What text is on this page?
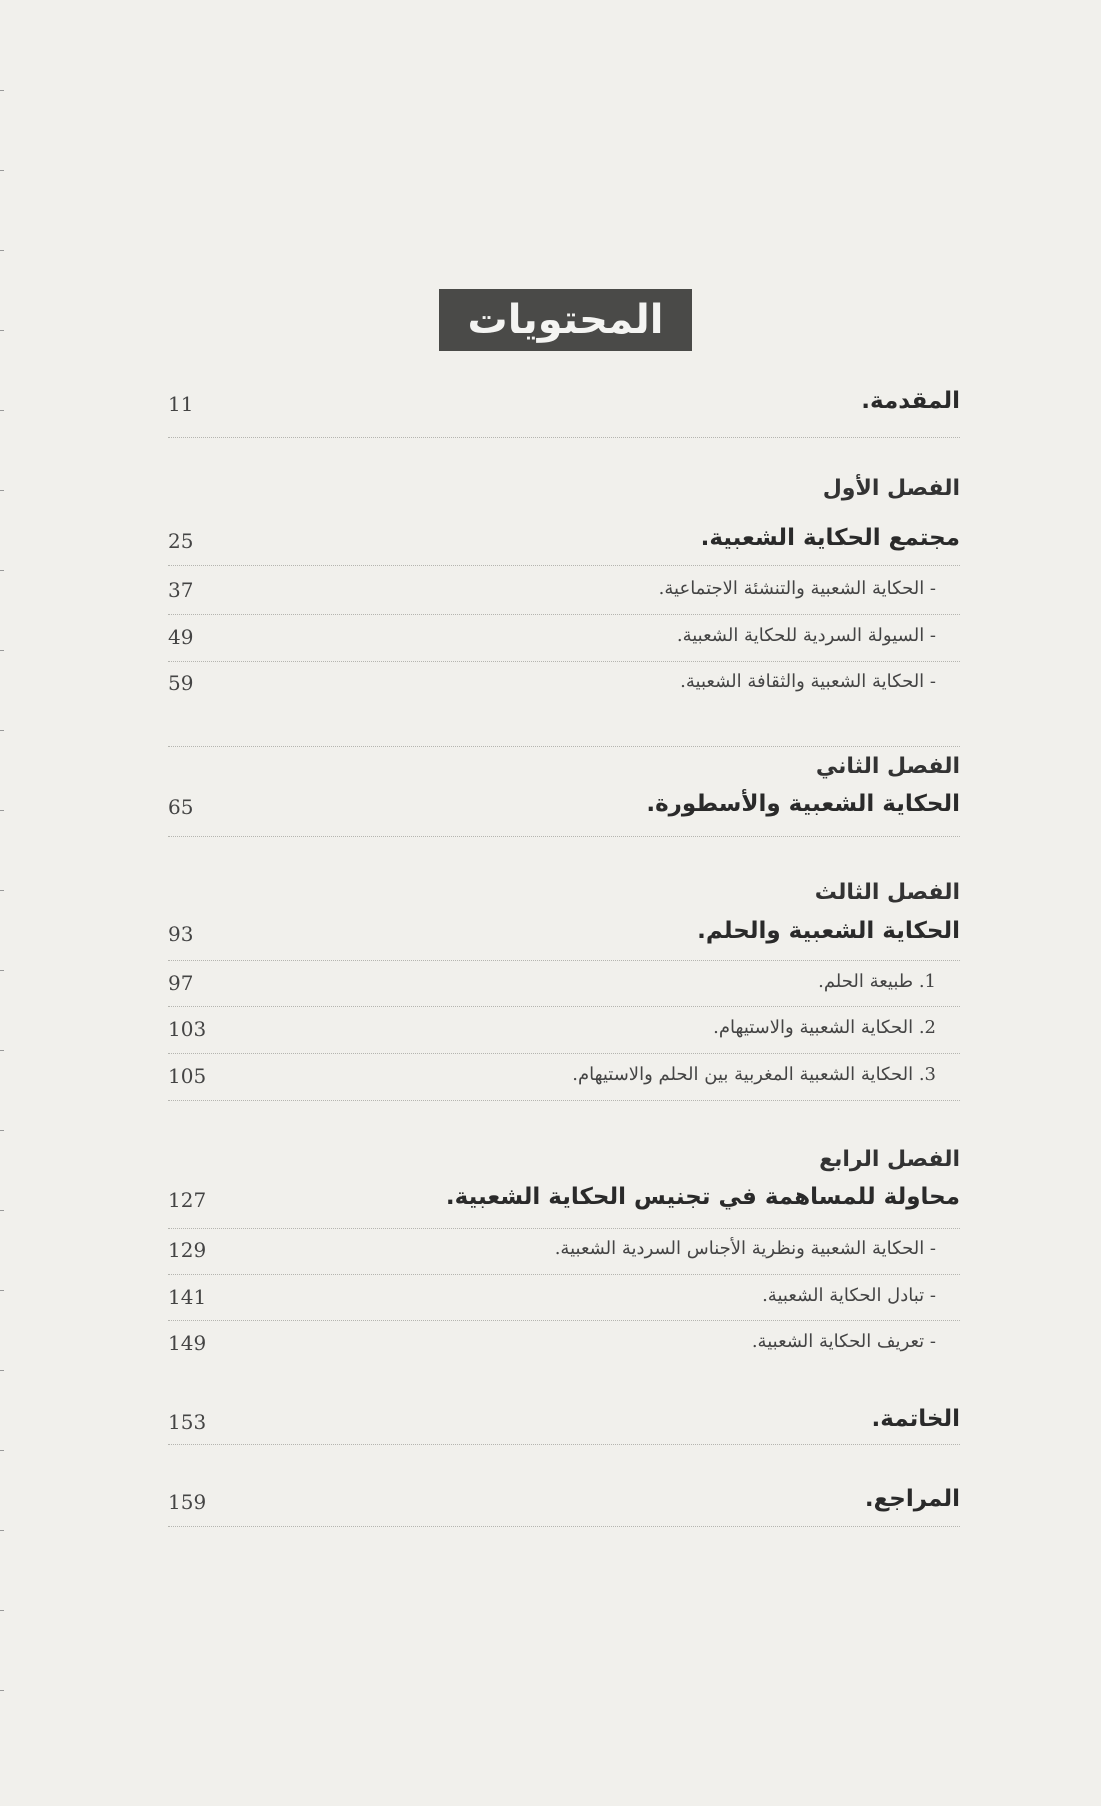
المحتويات
المقدمة.
11
الفصل الأول
مجتمع الحكاية الشعبية.
25
- الحكاية الشعبية والتنشئة الاجتماعية.
37
- السيولة السردية للحكاية الشعبية.
49
- الحكاية الشعبية والثقافة الشعبية.
59
الفصل الثاني
الحكاية الشعبية والأسطورة.
65
الفصل الثالث
الحكاية الشعبية والحلم.
93
1. طبيعة الحلم.
97
2. الحكاية الشعبية والاستيهام.
103
3. الحكاية الشعبية المغربية بين الحلم والاستيهام.
105
الفصل الرابع
محاولة للمساهمة في تجنيس الحكاية الشعبية.
127
- الحكاية الشعبية ونظرية الأجناس السردية الشعبية.
129
- تبادل الحكاية الشعبية.
141
- تعريف الحكاية الشعبية.
149
الخاتمة.
153
المراجع.
159
